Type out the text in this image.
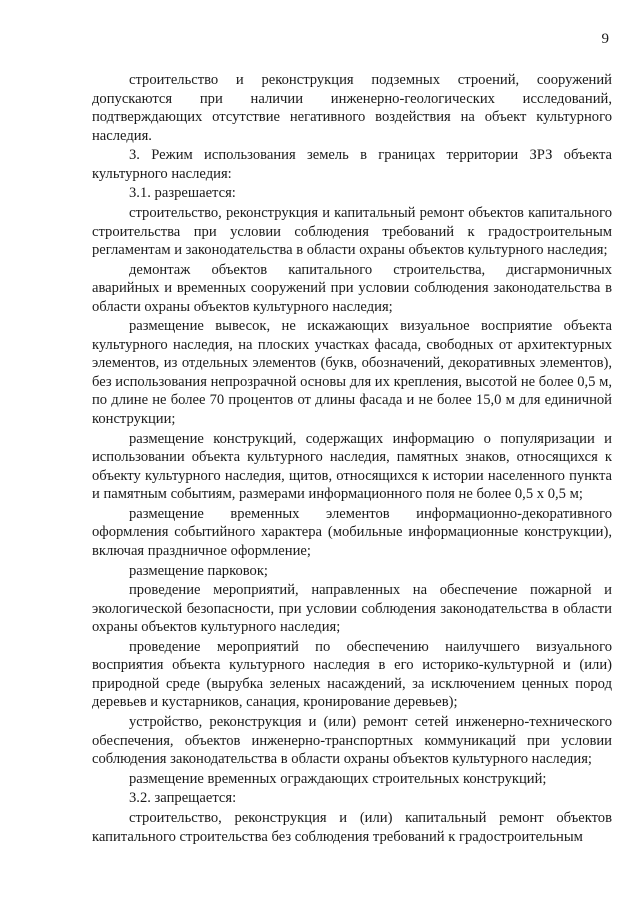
9

строительство и реконструкция подземных строений, сооружений допускаются при наличии инженерно-геологических исследований, подтверждающих отсутствие негативного воздействия на объект культурного наследия.

3. Режим использования земель в границах территории ЗРЗ объекта культурного наследия:

3.1. разрешается:

строительство, реконструкция и капитальный ремонт объектов капитального строительства при условии соблюдения требований к градостроительным регламентам и законодательства в области охраны объектов культурного наследия;

демонтаж объектов капитального строительства, дисгармоничных аварийных и временных сооружений при условии соблюдения законодательства в области охраны объектов культурного наследия;

размещение вывесок, не искажающих визуальное восприятие объекта культурного наследия, на плоских участках фасада, свободных от архитектурных элементов, из отдельных элементов (букв, обозначений, декоративных элементов), без использования непрозрачной основы для их крепления, высотой не более 0,5 м, по длине не более 70 процентов от длины фасада и не более 15,0 м для единичной конструкции;

размещение конструкций, содержащих информацию о популяризации и использовании объекта культурного наследия, памятных знаков, относящихся к объекту культурного наследия, щитов, относящихся к истории населенного пункта и памятным событиям, размерами информационного поля не более 0,5 х 0,5 м;

размещение временных элементов информационно-декоративного оформления событийного характера (мобильные информационные конструкции), включая праздничное оформление;

размещение парковок;

проведение мероприятий, направленных на обеспечение пожарной и экологической безопасности, при условии соблюдения законодательства в области охраны объектов культурного наследия;

проведение мероприятий по обеспечению наилучшего визуального восприятия объекта культурного наследия в его историко-культурной и (или) природной среде (вырубка зеленых насаждений, за исключением ценных пород деревьев и кустарников, санация, кронирование деревьев);

устройство, реконструкция и (или) ремонт сетей инженерно-технического обеспечения, объектов инженерно-транспортных коммуникаций при условии соблюдения законодательства в области охраны объектов культурного наследия;

размещение временных ограждающих строительных конструкций;

3.2. запрещается:

строительство, реконструкция и (или) капитальный ремонт объектов капитального строительства без соблюдения требований к градостроительным
